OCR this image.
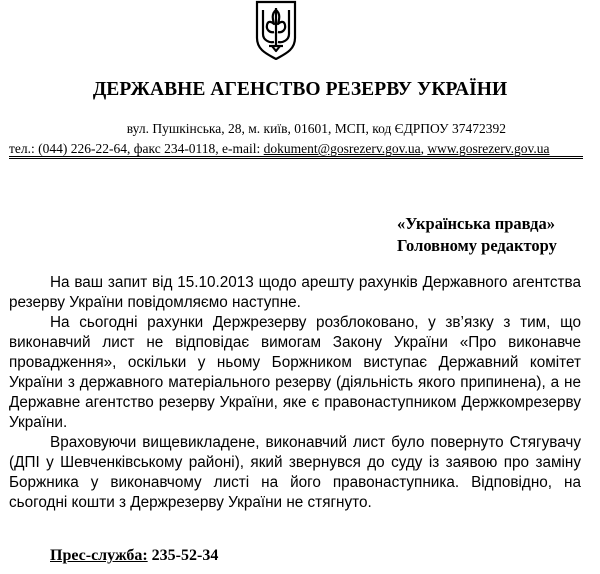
ДЕРЖАВНЕ АГЕНСТВО РЕЗЕРВУ УКРАЇНИ
вул. Пушкінська, 28, м. київ, 01601, МСП, код ЄДРПОУ 37472392
тел.: (044) 226-22-64, факс 234-0118, e-mail: dokument@gosrezerv.gov.ua, www.gosrezerv.gov.ua
«Українська правда»
Головному редактору

На ваш запит від 15.10.2013 щодо арешту рахунків Державного агентства резерву України повідомляємо наступне.

На сьогодні рахунки Держрезерву розблоковано, у зв’язку з тим, що виконавчий лист не відповідає вимогам Закону України «Про виконавче провадження», оскільки у ньому Боржником виступає Державний комітет України з державного матеріального резерву (діяльність якого припинена), а не Державне агентство резерву України, яке є правонаступником Держкомрезерву України.

Враховуючи вищевикладене, виконавчий лист було повернуто Стягувачу (ДПІ у Шевченківському районі), який звернувся до суду із заявою про заміну Боржника у виконавчому листі на його правонаступника. Відповідно, на сьогодні кошти з Держрезерву України не стягнуто.

Прес-служба: 235-52-34
